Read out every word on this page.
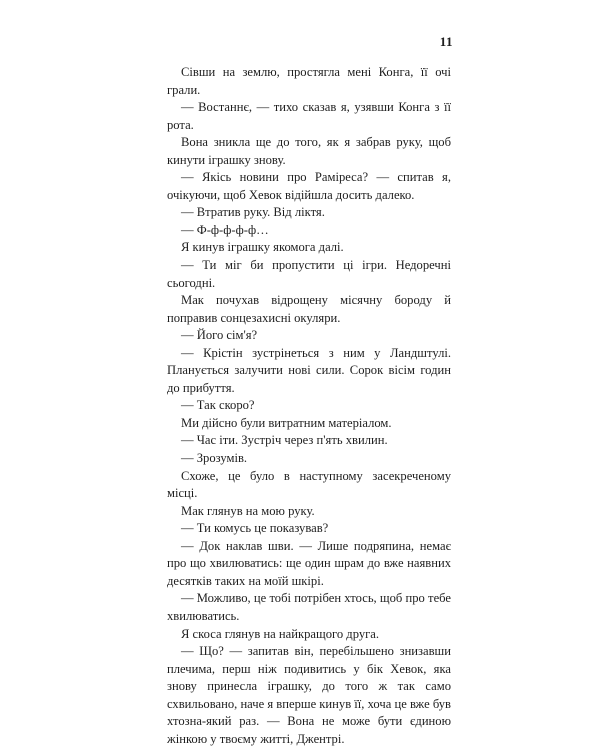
11

Сівши на землю, простягла мені Конга, її очі грали.

— Востаннє, — тихо сказав я, узявши Конга з її рота.

Вона зникла ще до того, як я забрав руку, щоб кинути іграшку знову.

— Якісь новини про Раміреса? — спитав я, очікуючи, щоб Хевок відійшла досить далеко.

— Втратив руку. Від ліктя.

— Ф-ф-ф-ф-ф…

Я кинув іграшку якомога далі.

— Ти міг би пропустити ці ігри. Недоречні сьогодні.

Мак почухав відрощену місячну бороду й поправив сонцезахисні окуляри.

— Його сім'я?

— Крістін зустрінеться з ним у Ландштулі. Планується залучити нові сили. Сорок вісім годин до прибуття.

— Так скоро?

Ми дійсно були витратним матеріалом.

— Час іти. Зустріч через п'ять хвилин.

— Зрозумів.

Схоже, це було в наступному засекреченому місці.

Мак глянув на мою руку.

— Ти комусь це показував?

— Док наклав шви. — Лише подряпина, немає про що хвилюватись: ще один шрам до вже наявних десятків таких на моїй шкірі.

— Можливо, це тобі потрібен хтось, щоб про тебе хвилюватись.

Я скоса глянув на найкращого друга.

— Що? — запитав він, перебільшено знизавши плечима, перш ніж подивитись у бік Хевок, яка знову принесла іграшку, до того ж так само схвильовано, наче я вперше кинув її, хоча це вже був хтозна-який раз. — Вона не може бути єдиною жінкою у твоєму житті, Джентрі.
